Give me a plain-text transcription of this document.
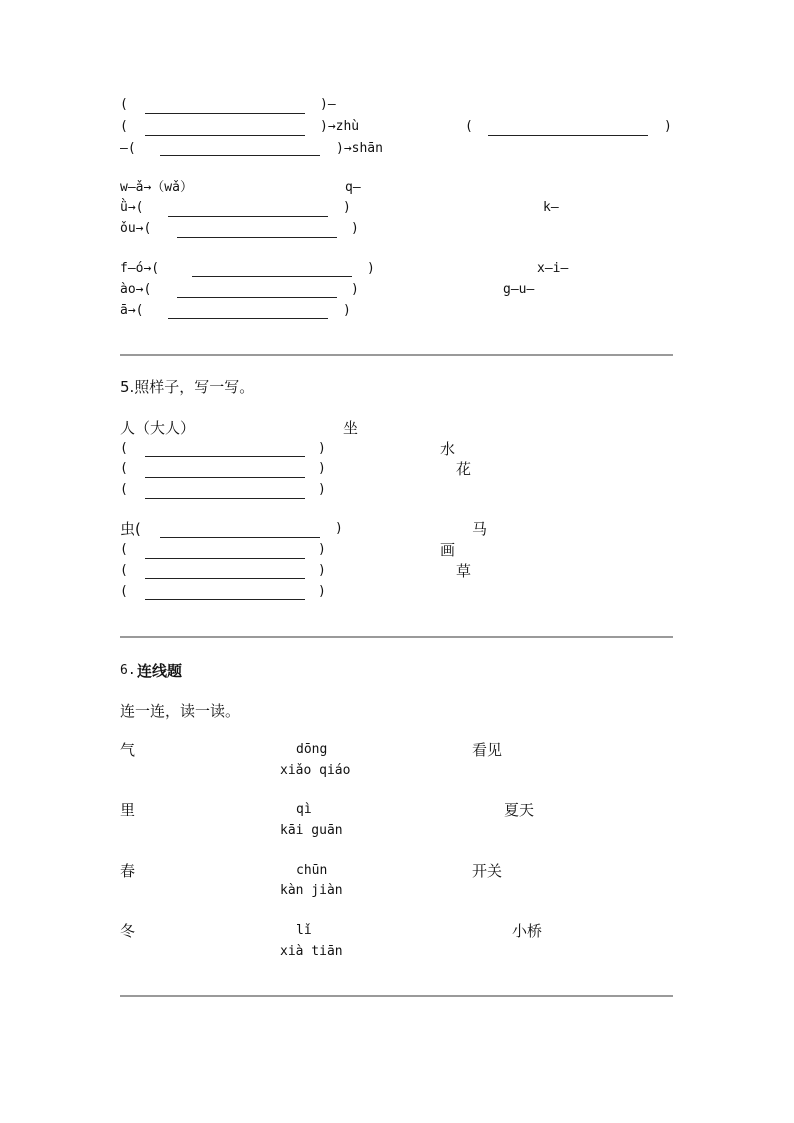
(	)—
(	)→zhù	(	)
—(	)→shān
w—ǎ→（wǎ）	q—
ǜ→(	)	k—
ǒu→(	)
f—ó→(	)	x—i—
ào→(	)	g—u—
ā→(	)
5.照样子，写一写。
人（大人）	坐
(	)	水
(	)	花
(	)
虫(	)	马
(	)	画
(	)	草
(	)
6. 连线题
连一连，读一读。
气	dōng
xiǎo qiáo
看见
里	qì
kāi guān
夏天
春	chūn
kàn jiàn
开关
冬	lǐ
xià tiān
小桥
